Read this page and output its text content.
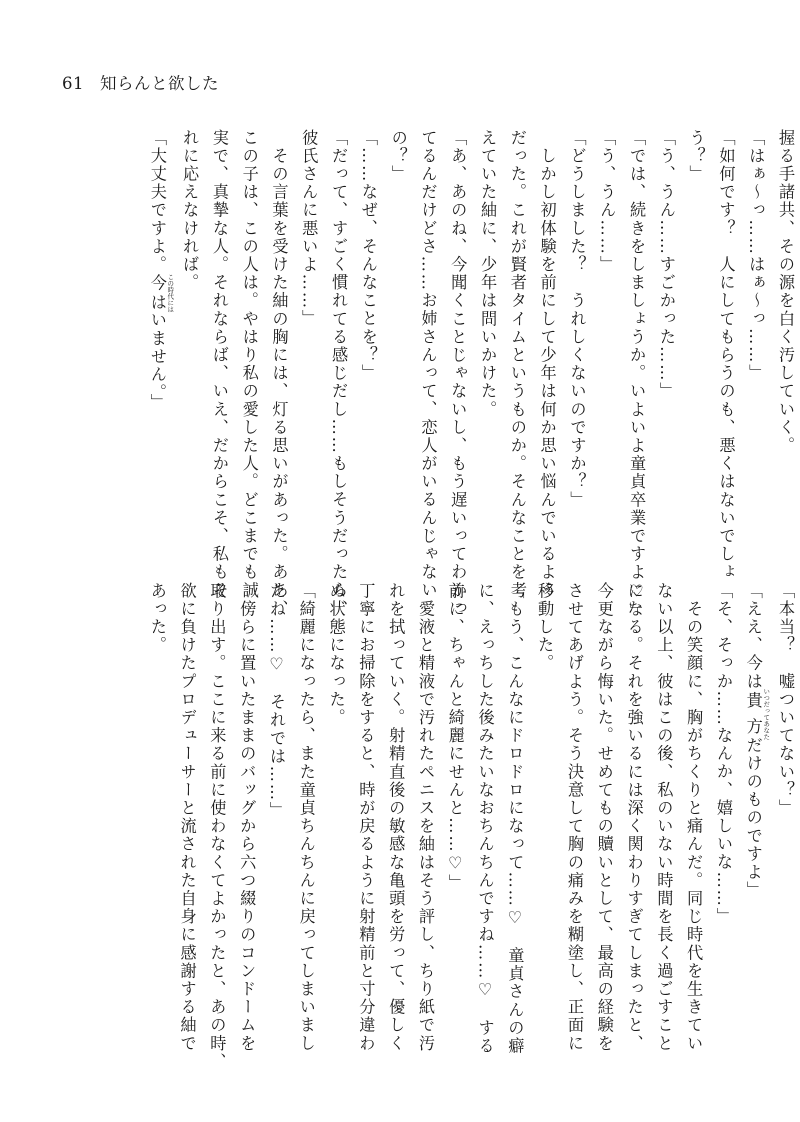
61 知らんと欲した
握る手諸共、その源を白く汚していく。
「はぁ～っ……はぁ～っ……」
「如何です？　人にしてもらうのも、悪くはないでしょ
う？」
「う、うん……すごかった……」
「では、続きをしましょうか。いよいよ童貞卒業ですよ♡」
「う、うん……」
「どうしました？　うれしくないのですか？」
　しかし初体験を前にして少年は何か思い悩んでいるよう
だった。これが賢者タイムというものか。そんなことを考
えていた紬に、少年は問いかけた。
「あ、あのね、今聞くことじゃないし、もう遅いってわかっ
てるんだけどさ……お姉さんって、恋人がいるんじゃない
の？」
「……なぜ、そんなことを？」
「だって、すごく慣れてる感じだし……もしそうだったら、
彼氏さんに悪いよ……」
　その言葉を受けた紬の胸には、灯る思いがあった。ああ、
この子は、この人は。やはり私の愛した人。どこまでも誠
実で、真摯な人。それならば、いえ、だからこそ、私もそ
れに応えなければ。
「大丈夫ですよ。今は この時代にはいません。」
「本当？　嘘ついてない？」
「ええ、今は貴方 いつだってあなただけのものですよ」
「そ、そっか……なんか、嬉しいな……」
　その笑顔に、胸がちくりと痛んだ。同じ時代を生きてい
ない以上、彼はこの後、私のいない時間を長く過ごすこと
になる。それを強いるには深く関わりすぎてしまったと、
今更ながら悔いた。せめてもの贖いとして、最高の経験を
させてあげよう。そう決意して胸の痛みを糊塗し、正面に
移動した。
「もう、こんなにドロドロになって……♡　童貞さんの癖
に、えっちした後みたいなおちんちんですね……♡　する
前に、ちゃんと綺麗にせんと……♡」
　愛液と精液で汚れたペニスを紬はそう評し、ちり紙で汚
れを拭っていく。射精直後の敏感な亀頭を労って、優しく
丁寧にお掃除をすると、時が戻るように射精前と寸分違わ
ぬ状態になった。
「綺麗になったら、また童貞ちんちんに戻ってしまいまし
たね……♡　それでは……」
　傍らに置いたままのバッグから六つ綴りのコンドームを
取り出す。ここに来る前に使わなくてよかったと、あの時、
欲に負けたプロデューサーと流された自身に感謝する紬で
あった。
